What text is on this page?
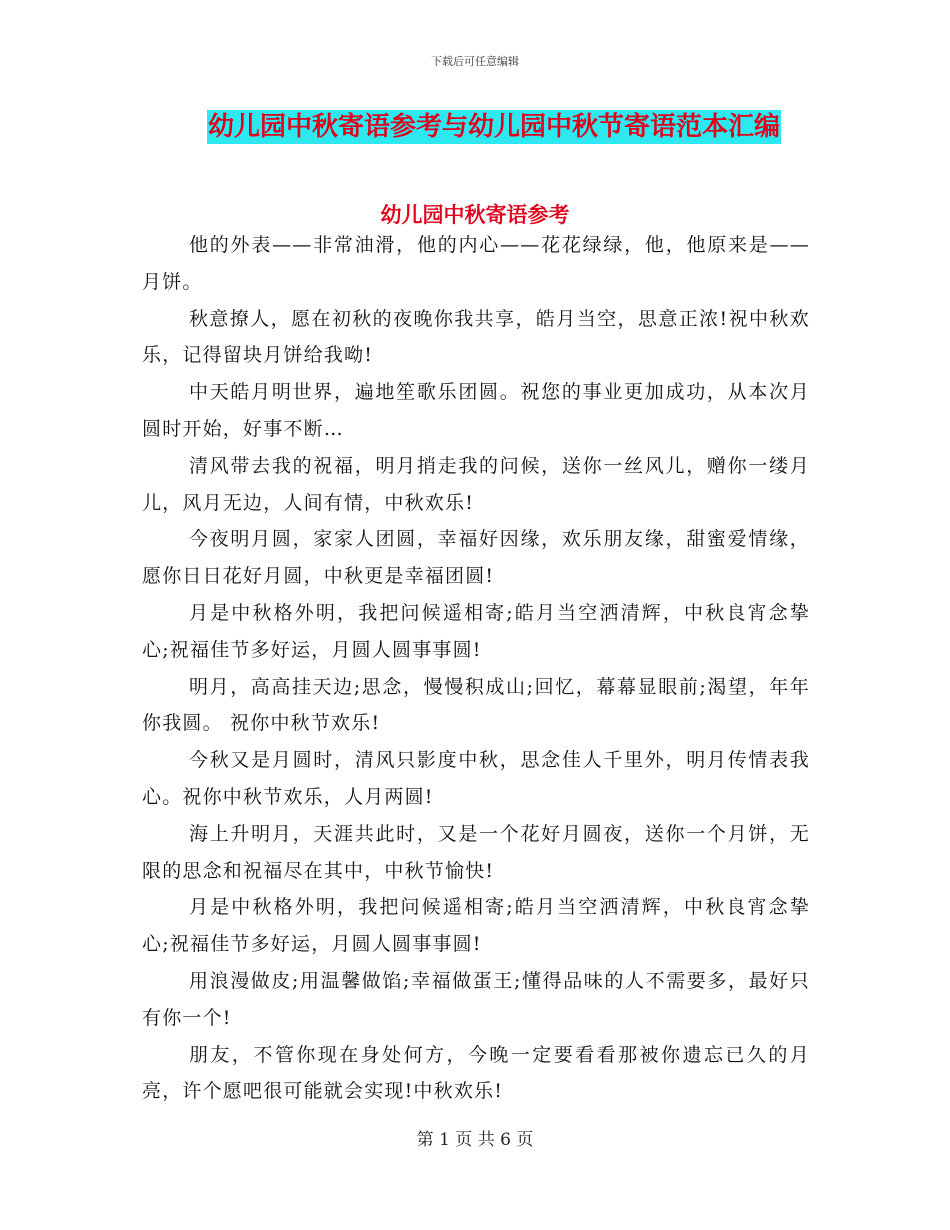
下载后可任意编辑
幼儿园中秋寄语参考与幼儿园中秋节寄语范本汇编
幼儿园中秋寄语参考

他的外表——非常油滑，他的内心——花花绿绿，他，他原来是——月饼。

秋意撩人，愿在初秋的夜晚你我共享，皓月当空，思意正浓!祝中秋欢乐，记得留块月饼给我呦!

中天皓月明世界，遍地笙歌乐团圆。祝您的事业更加成功，从本次月圆时开始，好事不断…

清风带去我的祝福，明月捎走我的问候，送你一丝风儿，赠你一缕月儿，风月无边，人间有情，中秋欢乐!

今夜明月圆，家家人团圆，幸福好因缘，欢乐朋友缘，甜蜜爱情缘，愿你日日花好月圆，中秋更是幸福团圆!

月是中秋格外明，我把问候遥相寄;皓月当空洒清辉，中秋良宵念挚心;祝福佳节多好运，月圆人圆事事圆!

明月，高高挂天边;思念，慢慢积成山;回忆，幕幕显眼前;渴望，年年你我圆。 祝你中秋节欢乐!

今秋又是月圆时，清风只影度中秋，思念佳人千里外，明月传情表我心。祝你中秋节欢乐，人月两圆!

海上升明月，天涯共此时，又是一个花好月圆夜，送你一个月饼，无限的思念和祝福尽在其中，中秋节愉快!

月是中秋格外明，我把问候遥相寄;皓月当空洒清辉，中秋良宵念挚心;祝福佳节多好运，月圆人圆事事圆!

用浪漫做皮;用温馨做馅;幸福做蛋王;懂得品味的人不需要多，最好只有你一个!

朋友，不管你现在身处何方，今晚一定要看看那被你遗忘已久的月亮，许个愿吧很可能就会实现!中秋欢乐!

第 1 页 共 6 页
